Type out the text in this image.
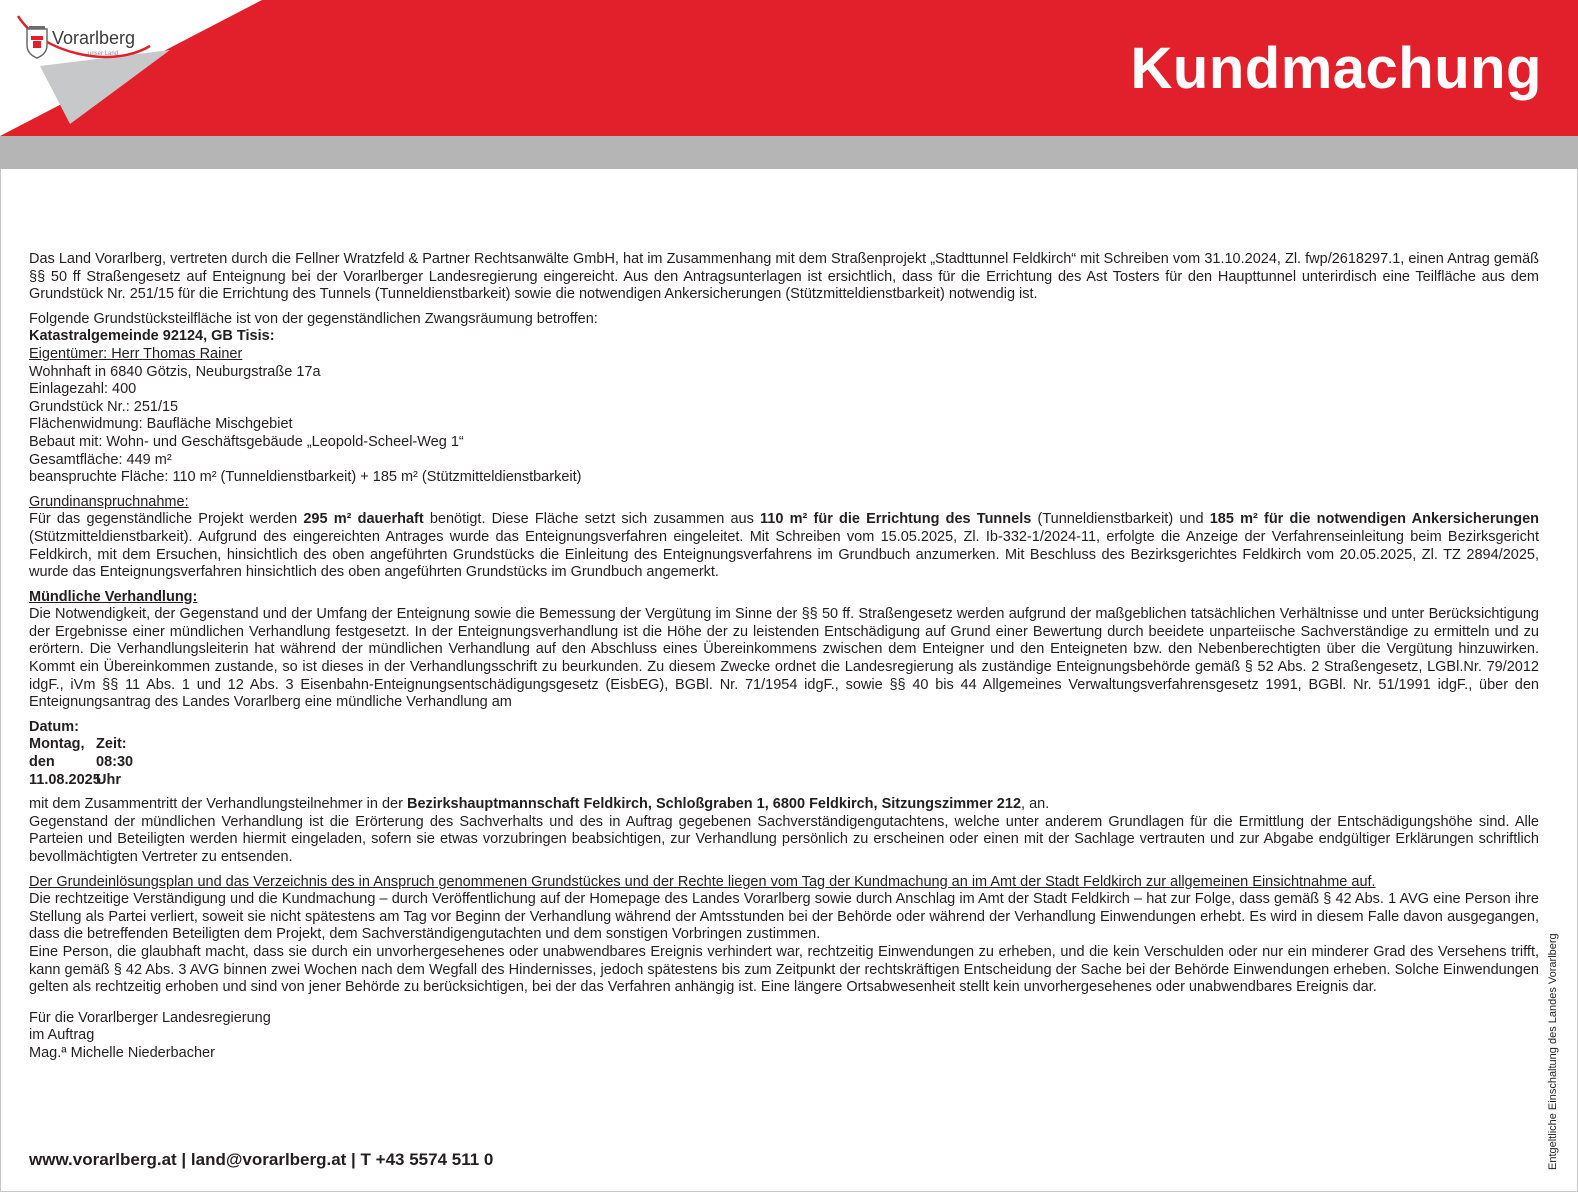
Vorarlberg
unser Land	Kundmachung

Das Land Vorarlberg, vertreten durch die Fellner Wratzfeld & Partner Rechtsanwälte GmbH, hat im Zusammenhang mit dem Straßenprojekt „Stadttunnel Feldkirch“ mit Schreiben vom 31.10.2024, Zl. fwp/2618297.1, einen Antrag gemäß §§ 50 ff Straßengesetz auf Enteignung bei der Vorarlberger Landesregierung eingereicht. Aus den Antragsunterlagen ist ersichtlich, dass für die Errichtung des Ast Tosters für den Haupttunnel unterirdisch eine Teilfläche aus dem Grundstück Nr. 251/15 für die Errichtung des Tunnels (Tunneldienstbarkeit) sowie die notwendigen Ankersicherungen (Stützmitteldienstbarkeit) notwendig ist.

Folgende Grundstücksteilfläche ist von der gegenständlichen Zwangsräumung betroffen:
Katastralgemeinde 92124, GB Tisis:
Eigentümer: Herr Thomas Rainer
Wohnhaft in 6840 Götzis, Neuburgstraße 17a
Einlagezahl: 400
Grundstück Nr.: 251/15
Flächenwidmung: Baufläche Mischgebiet
Bebaut mit: Wohn- und Geschäftsgebäude „Leopold-Scheel-Weg 1“
Gesamtfläche: 449 m²
beanspruchte Fläche: 110 m² (Tunneldienstbarkeit) + 185 m² (Stützmitteldienstbarkeit)

Grundinanspruchnahme:
Für das gegenständliche Projekt werden 295 m² dauerhaft benötigt. Diese Fläche setzt sich zusammen aus 110 m² für die Errichtung des Tunnels (Tunneldienstbarkeit) und 185 m² für die notwendigen Ankersicherungen (Stützmitteldienstbarkeit). Aufgrund des eingereichten Antrages wurde das Enteignungsverfahren eingeleitet. Mit Schreiben vom 15.05.2025, Zl. Ib-332-1/2024-11, erfolgte die Anzeige der Verfahrenseinleitung beim Bezirksgericht Feldkirch, mit dem Ersuchen, hinsichtlich des oben angeführten Grundstücks die Einleitung des Enteignungsverfahrens im Grundbuch anzumerken. Mit Beschluss des Bezirksgerichtes Feldkirch vom 20.05.2025, Zl. TZ 2894/2025, wurde das Enteignungsverfahren hinsichtlich des oben angeführten Grundstücks im Grundbuch angemerkt.

Mündliche Verhandlung:
Die Notwendigkeit, der Gegenstand und der Umfang der Enteignung sowie die Bemessung der Vergütung im Sinne der §§ 50 ff. Straßengesetz werden aufgrund der maßgeblichen tatsächlichen Verhältnisse und unter Berücksichtigung der Ergebnisse einer mündlichen Verhandlung festgesetzt. In der Enteignungsverhandlung ist die Höhe der zu leistenden Entschädigung auf Grund einer Bewertung durch beeidete unparteiische Sachverständige zu ermitteln und zu erörtern. Die Verhandlungsleiterin hat während der mündlichen Verhandlung auf den Abschluss eines Übereinkommens zwischen dem Enteigner und den Enteigneten bzw. den Nebenberechtigten über die Vergütung hinzuwirken. Kommt ein Übereinkommen zustande, so ist dieses in der Verhandlungsschrift zu beurkunden. Zu diesem Zwecke ordnet die Landesregierung als zuständige Enteignungsbehörde gemäß § 52 Abs. 2 Straßengesetz, LGBl.Nr. 79/2012 idgF., iVm §§ 11 Abs. 1 und 12 Abs. 3 Eisenbahn-Enteignungsentschädigungsgesetz (EisbEG), BGBl. Nr. 71/1954 idgF., sowie §§ 40 bis 44 Allgemeines Verwaltungsverfahrensgesetz 1991, BGBl. Nr. 51/1991 idgF., über den Enteignungsantrag des Landes Vorarlberg eine mündliche Verhandlung am

Datum:Montag, den 11.08.2025 Zeit:08:30 Uhr

mit dem Zusammentritt der Verhandlungsteilnehmer in der Bezirkshauptmannschaft Feldkirch, Schloßgraben 1, 6800 Feldkirch, Sitzungszimmer 212, an.
Gegenstand der mündlichen Verhandlung ist die Erörterung des Sachverhalts und des in Auftrag gegebenen Sachverständigengutachtens, welche unter anderem Grundlagen für die Ermittlung der Entschädigungshöhe sind. Alle Parteien und Beteiligten werden hiermit eingeladen, sofern sie etwas vorzubringen beabsichtigen, zur Verhandlung persönlich zu erscheinen oder einen mit der Sachlage vertrauten und zur Abgabe endgültiger Erklärungen schriftlich bevollmächtigten Vertreter zu entsenden.

Der Grundeinlösungsplan und das Verzeichnis des in Anspruch genommenen Grundstückes und der Rechte liegen vom Tag der Kundmachung an im Amt der Stadt Feldkirch zur allgemeinen Einsichtnahme auf.
Die rechtzeitige Verständigung und die Kundmachung – durch Veröffentlichung auf der Homepage des Landes Vorarlberg sowie durch Anschlag im Amt der Stadt Feldkirch – hat zur Folge, dass gemäß § 42 Abs. 1 AVG eine Person ihre Stellung als Partei verliert, soweit sie nicht spätestens am Tag vor Beginn der Verhandlung während der Amtsstunden bei der Behörde oder während der Verhandlung Einwendungen erhebt. Es wird in diesem Falle davon ausgegangen, dass die betreffenden Beteiligten dem Projekt, dem Sachverständigengutachten und dem sonstigen Vorbringen zustimmen.
Eine Person, die glaubhaft macht, dass sie durch ein unvorhergesehenes oder unabwendbares Ereignis verhindert war, rechtzeitig Einwendungen zu erheben, und die kein Verschulden oder nur ein minderer Grad des Versehens trifft, kann gemäß § 42 Abs. 3 AVG binnen zwei Wochen nach dem Wegfall des Hindernisses, jedoch spätestens bis zum Zeitpunkt der rechtskräftigen Entscheidung der Sache bei der Behörde Einwendungen erheben. Solche Einwendungen gelten als rechtzeitig erhoben und sind von jener Behörde zu berücksichtigen, bei der das Verfahren anhängig ist. Eine längere Ortsabwesenheit stellt kein unvorhergesehenes oder unabwendbares Ereignis dar.

Für die Vorarlberger Landesregierung
im Auftrag
Mag.ª Michelle Niederbacher

www.vorarlberg.at | land@vorarlberg.at | T +43 5574 511 0	Entgeltliche Einschaltung des Landes Vorarlberg
